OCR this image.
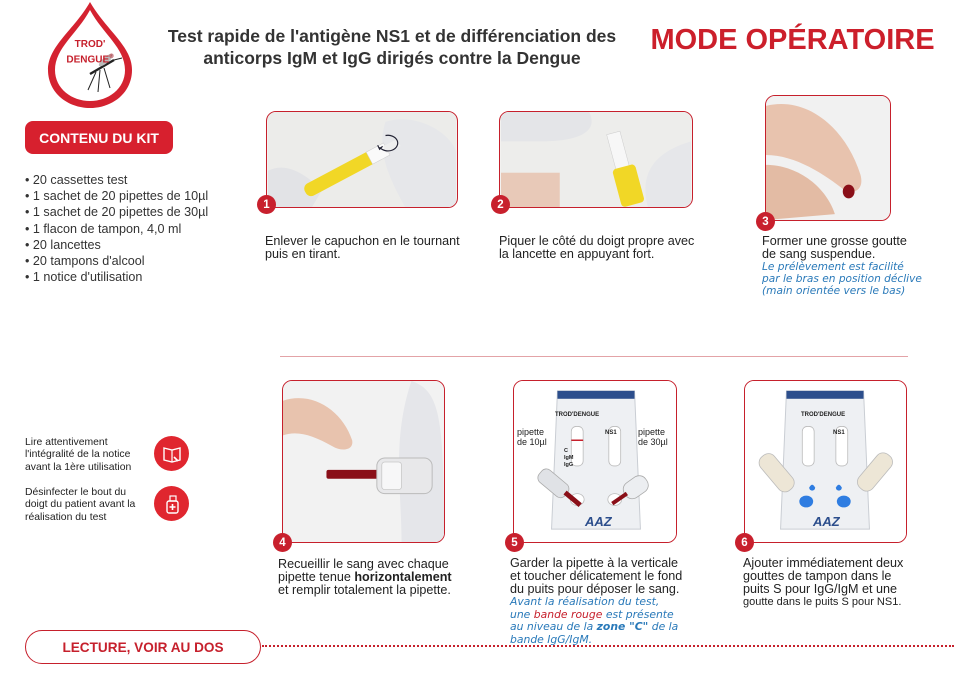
TROD'
DENGUE®
Test rapide de l'antigène NS1 et de différenciation des
anticorps IgM et IgG dirigés contre la Dengue
MODE OPÉRATOIRE
CONTENU DU KIT
• 20 cassettes test
• 1 sachet de 20 pipettes de 10µl
• 1 sachet de 20 pipettes de 30µl
• 1 flacon de tampon, 4,0 ml
• 20 lancettes
• 20 tampons d'alcool
• 1 notice d'utilisation
1
Enlever le capuchon en le tournant
puis en tirant.
2
Piquer le côté du doigt propre avec
la lancette en appuyant fort.
3
Former une grosse goutte
de sang suspendue.
Le prélèvement est facilité
par le bras en position déclive
(main orientée vers le bas)
Lire attentivement
l'intégralité de la notice
avant la 1ère utilisation
Désinfecter le bout du
doigt du patient avant la
réalisation du test
4
Recueillir le sang avec chaque
pipette tenue horizontalement
et remplir totalement la pipette.
TROD'DENGUE
NS1
pipette
de 10µl
pipette
de 30µl
C
IgM
IgG
AAZ
5
Garder la pipette à la verticale
et toucher délicatement le fond
du puits pour déposer le sang.
Avant la réalisation du test,
une bande rouge est présente
au niveau de la zone "C" de la
bande IgG/IgM.
TROD'DENGUE
NS1
AAZ
6
Ajouter immédiatement deux
gouttes de tampon dans le
puits S pour IgG/IgM et une
goutte dans le puits S pour NS1.
LECTURE, VOIR AU DOS
